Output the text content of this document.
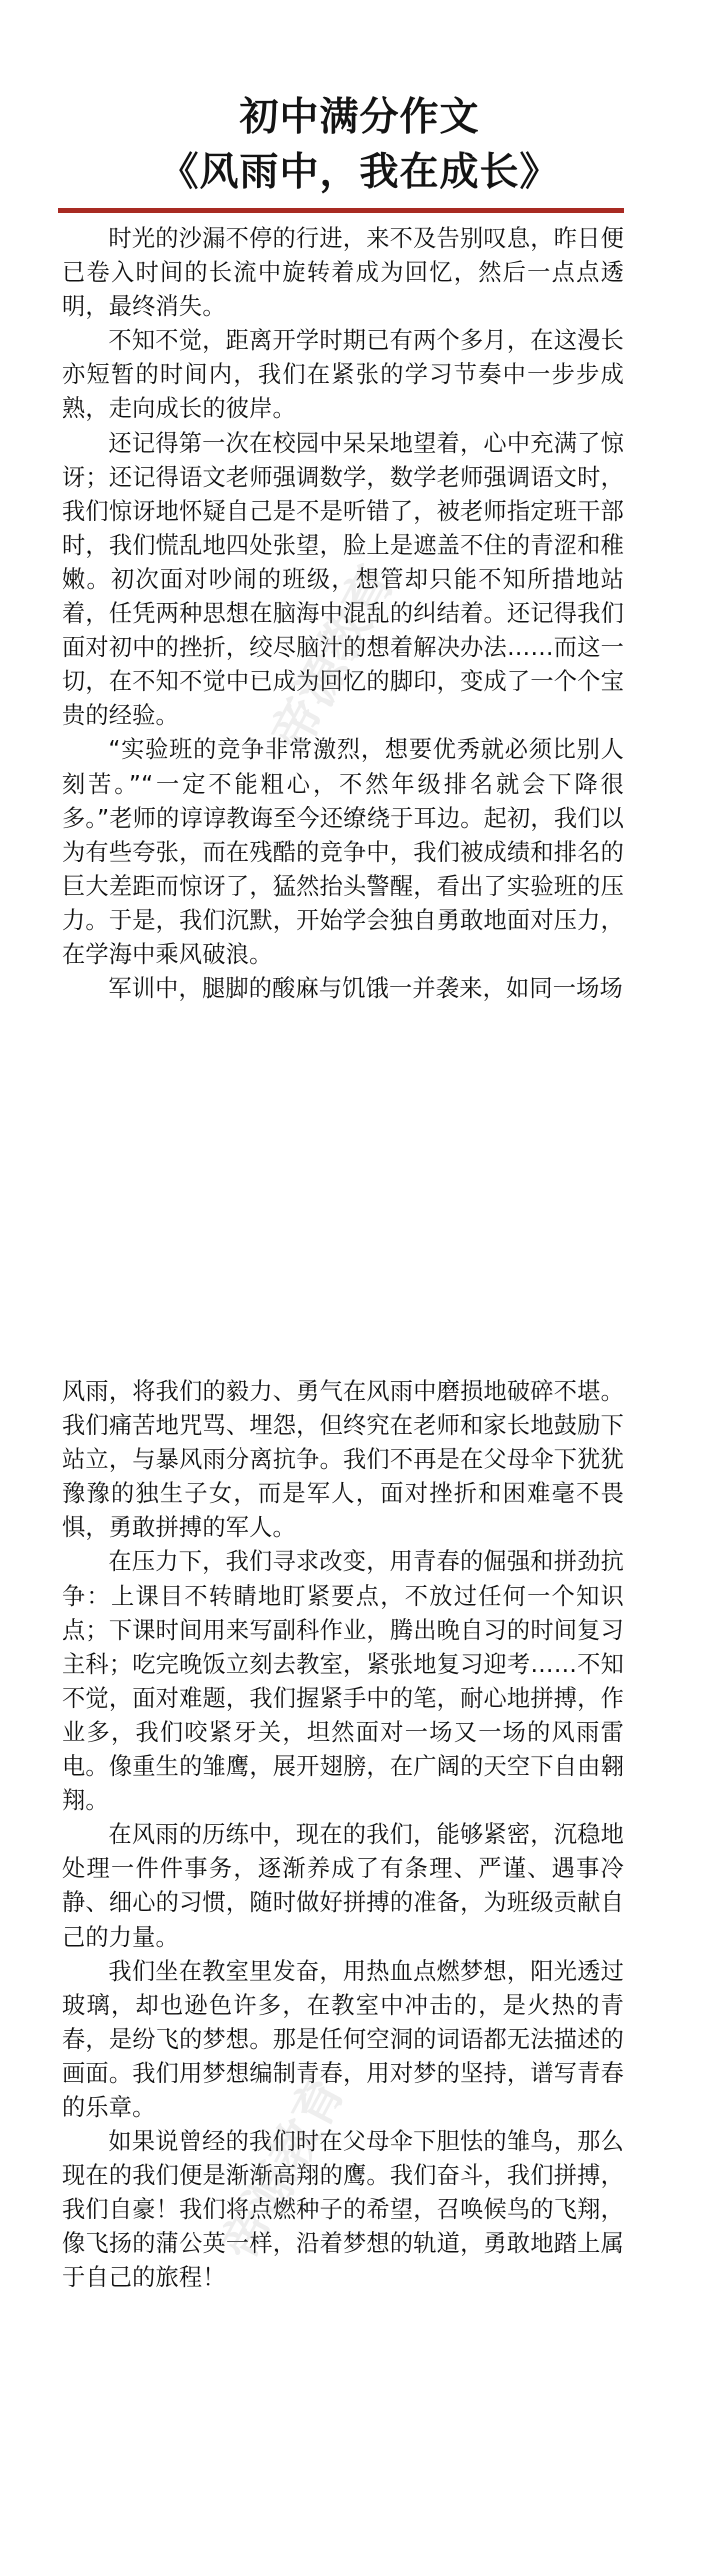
初中满分作文
《风雨中，我在成长》

时光的沙漏不停的行进，来不及告别叹息，昨日便已卷入时间的长流中旋转着成为回忆，然后一点点透明，最终消失。

不知不觉，距离开学时期已有两个多月，在这漫长亦短暂的时间内，我们在紧张的学习节奏中一步步成熟，走向成长的彼岸。

还记得第一次在校园中呆呆地望着，心中充满了惊讶；还记得语文老师强调数学，数学老师强调语文时，我们惊讶地怀疑自己是不是听错了，被老师指定班干部时，我们慌乱地四处张望，脸上是遮盖不住的青涩和稚嫩。初次面对吵闹的班级，想管却只能不知所措地站着，任凭两种思想在脑海中混乱的纠结着。还记得我们面对初中的挫折，绞尽脑汁的想着解决办法……而这一切，在不知不觉中已成为回忆的脚印，变成了一个个宝贵的经验。

“实验班的竞争非常激烈，想要优秀就必须比别人刻苦。”“一定不能粗心，不然年级排名就会下降很多。”老师的谆谆教诲至今还缭绕于耳边。起初，我们以为有些夸张，而在残酷的竞争中，我们被成绩和排名的巨大差距而惊讶了，猛然抬头警醒，看出了实验班的压力。于是，我们沉默，开始学会独自勇敢地面对压力，在学海中乘风破浪。

军训中，腿脚的酸麻与饥饿一并袭来，如同一场场

风雨，将我们的毅力、勇气在风雨中磨损地破碎不堪。我们痛苦地咒骂、埋怨，但终究在老师和家长地鼓励下站立，与暴风雨分离抗争。我们不再是在父母伞下犹犹豫豫的独生子女，而是军人，面对挫折和困难毫不畏惧，勇敢拼搏的军人。

在压力下，我们寻求改变，用青春的倔强和拼劲抗争：上课目不转睛地盯紧要点，不放过任何一个知识点；下课时间用来写副科作业，腾出晚自习的时间复习主科；吃完晚饭立刻去教室，紧张地复习迎考……不知不觉，面对难题，我们握紧手中的笔，耐心地拼搏，作业多，我们咬紧牙关，坦然面对一场又一场的风雨雷电。像重生的雏鹰，展开翅膀，在广阔的天空下自由翱翔。

在风雨的历练中，现在的我们，能够紧密，沉稳地处理一件件事务，逐渐养成了有条理、严谨、遇事冷静、细心的习惯，随时做好拼搏的准备，为班级贡献自己的力量。

我们坐在教室里发奋，用热血点燃梦想，阳光透过玻璃，却也逊色许多，在教室中冲击的，是火热的青春，是纷飞的梦想。那是任何空洞的词语都无法描述的画面。我们用梦想编制青春，用对梦的坚持，谱写青春的乐章。

如果说曾经的我们时在父母伞下胆怯的雏鸟，那么现在的我们便是渐渐高翔的鹰。我们奋斗，我们拼搏，我们自豪！我们将点燃种子的希望，召唤候鸟的飞翔，像飞扬的蒲公英一样，沿着梦想的轨道，勇敢地踏上属于自己的旅程！

帝源教育
帝源教育
